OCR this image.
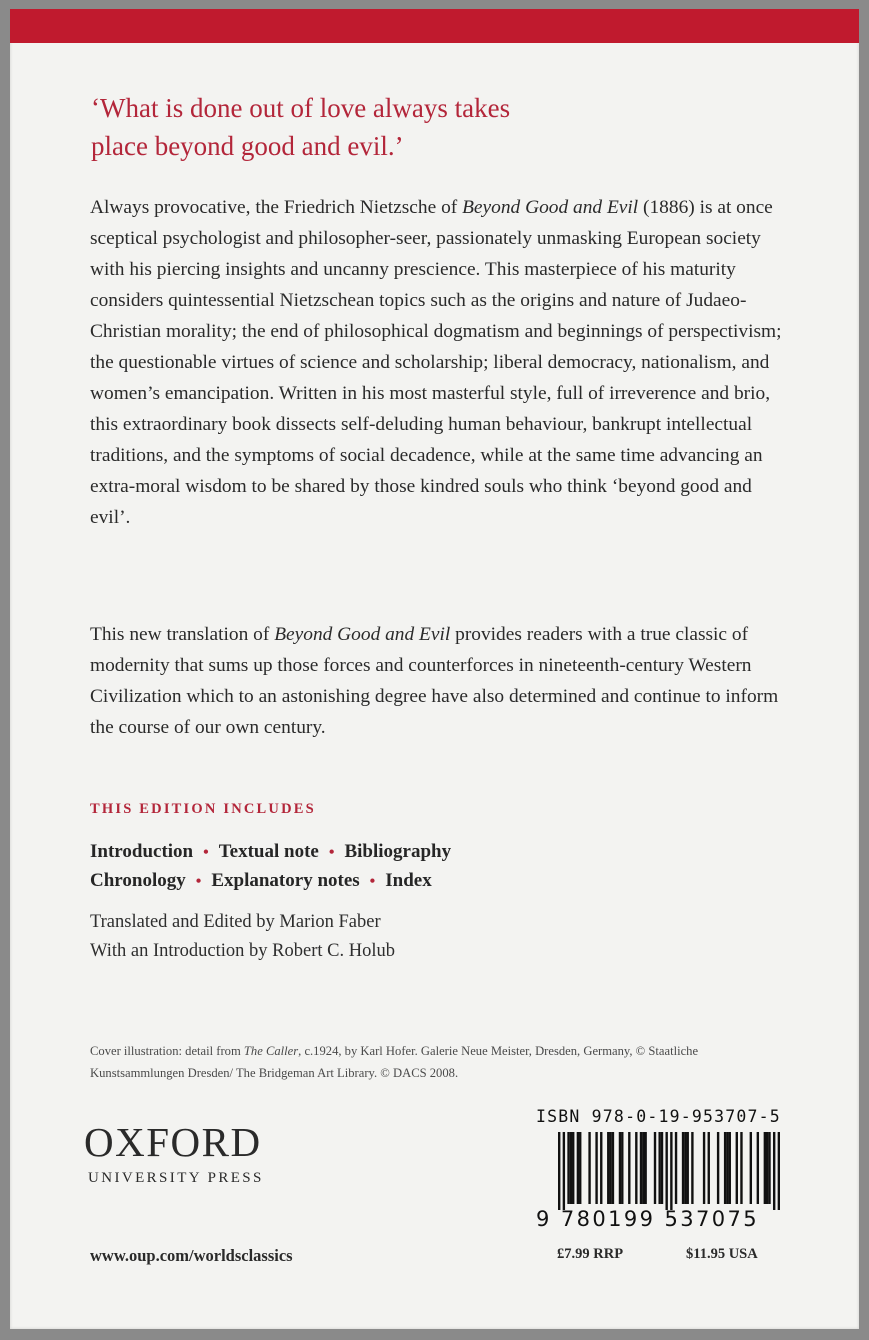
‘What is done out of love always takes
place beyond good and evil.’
Always provocative, the Friedrich Nietzsche of Beyond Good and Evil (1886) is at once sceptical psychologist and philosopher-seer, passionately unmasking European society with his piercing insights and uncanny prescience. This masterpiece of his maturity considers quintessential Nietzschean topics such as the origins and nature of Judaeo-Christian morality; the end of philosophical dogmatism and beginnings of perspectivism; the questionable virtues of science and scholarship; liberal democracy, nationalism, and women’s emancipation. Written in his most masterful style, full of irreverence and brio, this extraordinary book dissects self-deluding human behaviour, bankrupt intellectual traditions, and the symptoms of social decadence, while at the same time advancing an extra-moral wisdom to be shared by those kindred souls who think ‘beyond good and evil’.
This new translation of Beyond Good and Evil provides readers with a true classic of modernity that sums up those forces and counterforces in nineteenth-century Western Civilization which to an astonishing degree have also determined and continue to inform the course of our own century.
THIS EDITION INCLUDES
Introduction • Textual note • Bibliography
Chronology • Explanatory notes • Index
Translated and Edited by Marion Faber
With an Introduction by Robert C. Holub
Cover illustration: detail from The Caller, c.1924, by Karl Hofer. Galerie Neue Meister, Dresden, Germany, © Staatliche Kunstsammlungen Dresden/ The Bridgeman Art Library. © DACS 2008.
OXFORD
UNIVERSITY PRESS
ISBN 978-0-19-953707-5
9 780199 537075
www.oup.com/worldsclassics	£7.99 RRP	$11.95 USA
